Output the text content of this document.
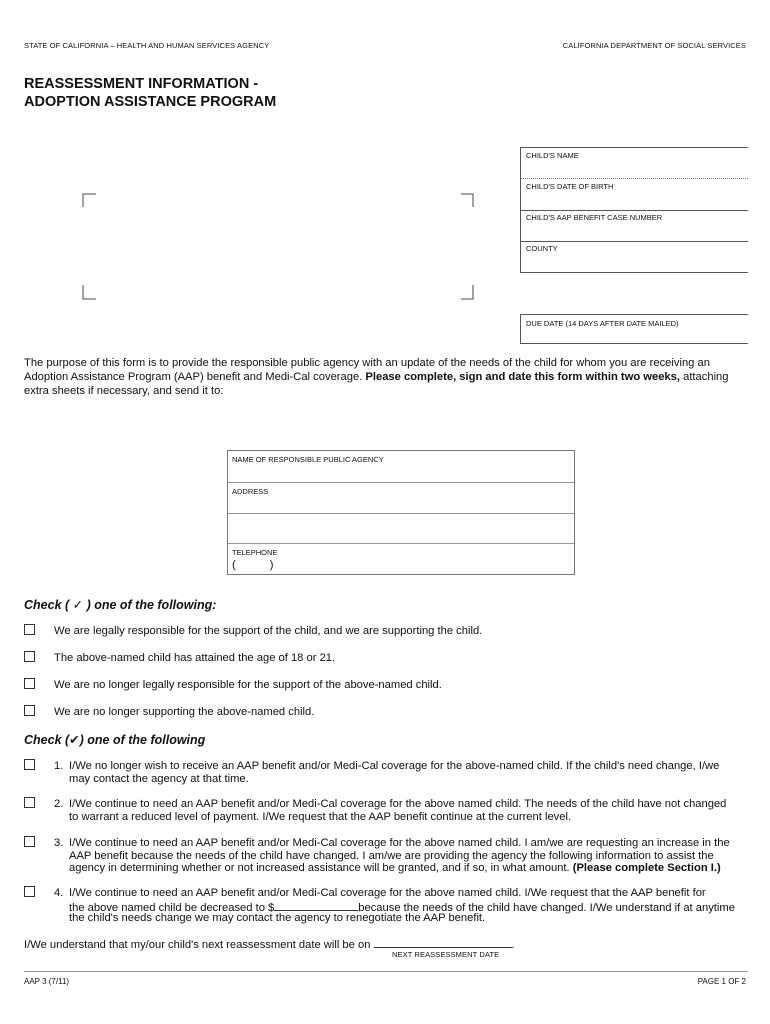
STATE OF CALIFORNIA – HEALTH AND HUMAN SERVICES AGENCY	CALIFORNIA DEPARTMENT OF SOCIAL SERVICES
REASSESSMENT INFORMATION -
ADOPTION ASSISTANCE PROGRAM
CHILD'S NAME
CHILD'S DATE OF BIRTH
CHILD'S AAP BENEFIT CASE NUMBER
COUNTY
DUE DATE (14 DAYS AFTER DATE MAILED)
The purpose of this form is to provide the responsible public agency with an update of the needs of the child for whom you are receiving an Adoption Assistance Program (AAP) benefit and Medi-Cal coverage. Please complete, sign and date this form within two weeks, attaching extra sheets if necessary, and send it to:
NAME OF RESPONSIBLE PUBLIC AGENCY
ADDRESS
TELEPHONE
(	)
Check ( ✓ ) one of the following:
We are legally responsible for the support of the child, and we are supporting the child.
The above-named child has attained the age of 18 or 21.
We are no longer legally responsible for the support of the above-named child.
We are no longer supporting the above-named child.
Check (✔) one of the following
1. I/We no longer wish to receive an AAP benefit and/or Medi-Cal coverage for the above-named child. If the child's need change, I/we
may contact the agency at that time.
2. I/We continue to need an AAP benefit and/or Medi-Cal coverage for the above named child. The needs of the child have not changed
to warrant a reduced level of payment. I/We request that the AAP benefit continue at the current level.
3. I/We continue to need an AAP benefit and/or Medi-Cal coverage for the above named child. I am/we are requesting an increase in the
AAP benefit because the needs of the child have changed. I am/we are providing the agency the following information to assist the
agency in determining whether or not increased assistance will be granted, and if so, in what amount. (Please complete Section I.)
4. I/We continue to need an AAP benefit and/or Medi-Cal coverage for the above named child. I/We request that the AAP benefit for
the above named child be decreased to $	because the needs of the child have changed. I/We understand if at anytime
the child's needs change we may contact the agency to renegotiate the AAP benefit.
I/We understand that my/our child's next reassessment date will be on	.
NEXT REASSESSMENT DATE
AAP 3 (7/11)	PAGE 1 OF 2
